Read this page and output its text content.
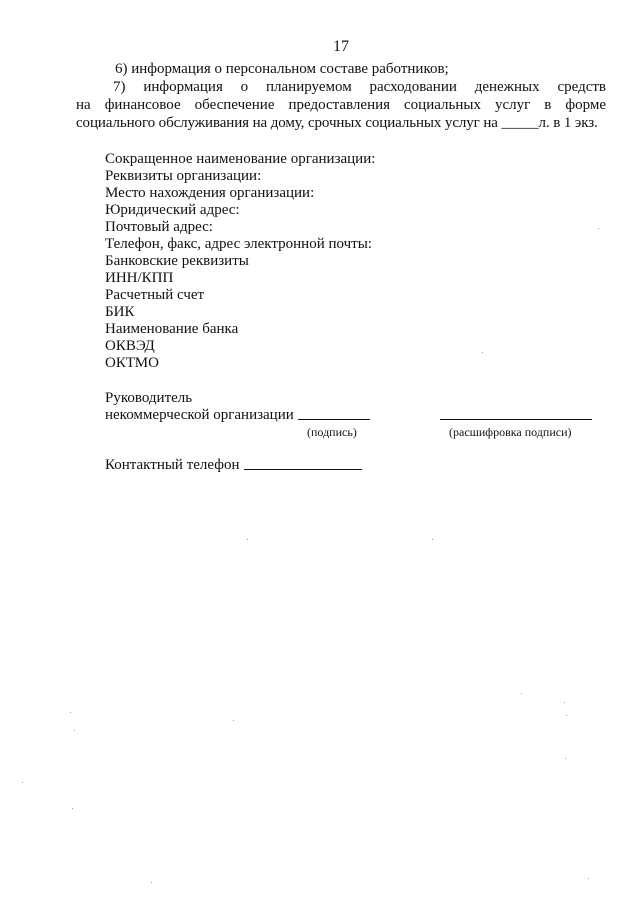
17
6) информация о персональном составе работников;
7) информация о планируемом расходовании денежных средств
на финансовое обеспечение предоставления социальных услуг в форме
социального обслуживания на дому, срочных социальных услуг на _____л. в 1 экз.
Сокращенное наименование организации:
Реквизиты организации:
Место нахождения организации:
Юридический адрес:
Почтовый адрес:
Телефон, факс, адрес электронной почты:
Банковские реквизиты
ИНН/КПП
Расчетный счет
БИК
Наименование банка
ОКВЭД
ОКТМО
Руководитель
некоммерческой организации
(подпись)	(расшифровка подписи)
Контактный телефон
